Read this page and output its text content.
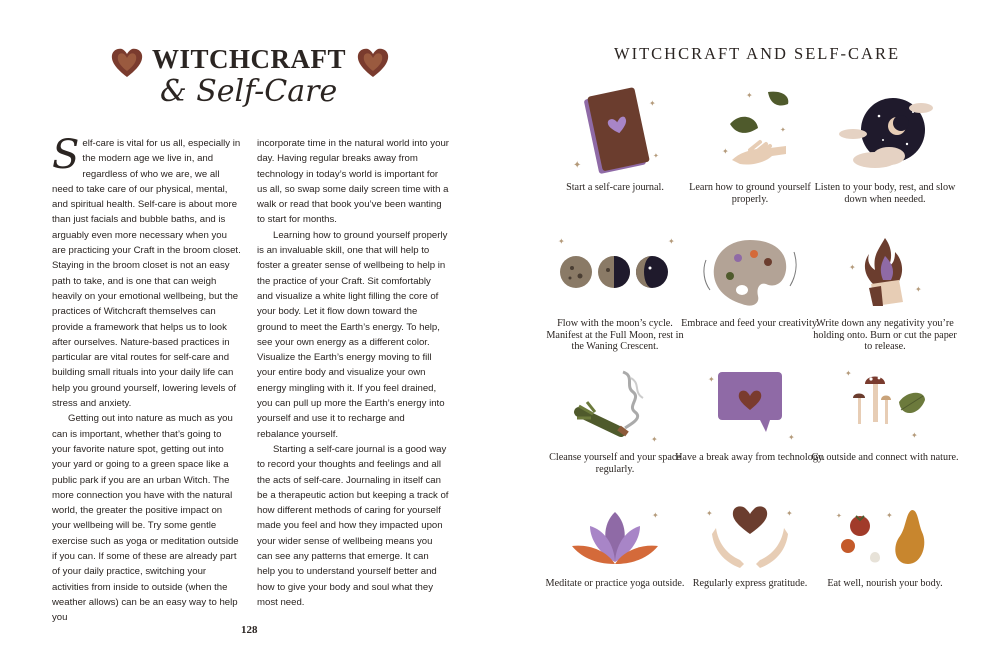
WITCHCRAFT
& Self-Care

Self-care is vital for us all, especially in the modern age we live in, and regardless of who we are, we all need to take care of our physical, mental, and spiritual health. Self-care is about more than just facials and bubble baths, and is arguably even more necessary when you are practicing your Craft in the broom closet. Staying in the broom closet is not an easy path to take, and is one that can weigh heavily on your emotional wellbeing, but the practices of Witchcraft themselves can provide a framework that helps us to look after ourselves. Nature-based practices in particular are vital routes for self-care and building small rituals into your daily life can help you ground yourself, lowering levels of stress and anxiety.

Getting out into nature as much as you can is important, whether that’s going to your favorite nature spot, getting out into your yard or going to a green space like a public park if you are an urban Witch. The more connection you have with the natural world, the greater the positive impact on your wellbeing will be. Try some gentle exercise such as yoga or meditation outside if you can. If some of these are already part of your daily practice, switching your activities from inside to outside (when the weather allows) can be an easy way to help you

incorporate time in the natural world into your day. Having regular breaks away from technology in today’s world is important for us all, so swap some daily screen time with a walk or read that book you’ve been wanting to start for months.

Learning how to ground yourself properly is an invaluable skill, one that will help to foster a greater sense of wellbeing to help in the practice of your Craft. Sit comfortably and visualize a white light filling the core of your body. Let it flow down toward the ground to meet the Earth’s energy. To help, see your own energy as a different color. Visualize the Earth’s energy moving to fill your entire body and visualize your own energy mingling with it. If you feel drained, you can pull up more the Earth’s energy into yourself and use it to recharge and rebalance yourself.

Starting a self-care journal is a good way to record your thoughts and feelings and all the acts of self-care. Journaling in itself can be a therapeutic action but keeping a track of how different methods of caring for yourself made you feel and how they impacted upon your wider sense of wellbeing means you can see any patterns that emerge. It can help you to understand yourself better and how to give your body and soul what they most need.

128
WITCHCRAFT AND SELF-CARE
✦
✦
✦
Start a self-care journal.
✦
✦
✦
Learn how to ground yourself properly.
Listen to your body, rest, and slow down when needed.
✦	✦
Flow with the moon’s cycle. Manifest at the Full Moon, rest in the Waning Crescent.
Embrace and feed your creativity.
✦
✦
Write down any negativity you’re holding onto. Burn or cut the paper to release.
✦
Cleanse yourself and your space regularly.
✦
✦
Have a break away from technology.
✦
✦
Go outside and connect with nature.
✦
Meditate or practice yoga outside.
✦	✦
Regularly express gratitude.
✦
✦
Eat well, nourish your body.
